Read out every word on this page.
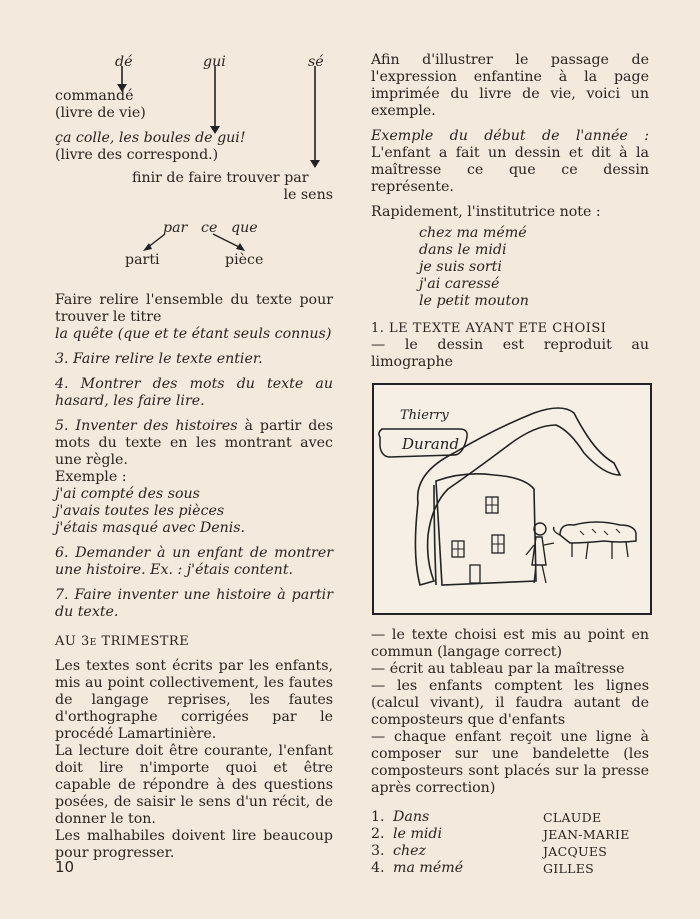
dé	gui	sé
commandé
(livre de vie)
ça colle, les boules de gui!
(livre des correspond.)
finir de faire trouver par
le sens
par ce que
parti	pièce

Faire relire l'ensemble du texte pour trouver le titre

la quête (que et te étant seuls connus)

3. Faire relire le texte entier.

4. Montrer des mots du texte au hasard, les faire lire.

5. Inventer des histoires à partir des mots du texte en les montrant avec une règle.

Exemple :

j'ai compté des sous

j'avais toutes les pièces

j'étais masqué avec Denis.

6. Demander à un enfant de montrer une histoire. Ex. : j'étais content.

7. Faire inventer une histoire à partir du texte.

AU 3e TRIMESTRE

Les textes sont écrits par les enfants, mis au point collectivement, les fautes de langage reprises, les fautes d'orthographe corrigées par le procédé Lamartinière.

La lecture doit être courante, l'enfant doit lire n'importe quoi et être capable de répondre à des questions posées, de saisir le sens d'un récit, de donner le ton.

Les malhabiles doivent lire beaucoup pour progresser.

Afin d'illustrer le passage de l'expression enfantine à la page imprimée du livre de vie, voici un exemple.

Exemple du début de l'année : L'enfant a fait un dessin et dit à la maîtresse ce que ce dessin représente.

Rapidement, l'institutrice note :

chez ma mémé

dans le midi

je suis sorti

j'ai caressé

le petit mouton

1. LE TEXTE AYANT ETE CHOISI

— le dessin est reproduit au limographe

Thierry
Durand

— le texte choisi est mis au point en commun (langage correct)

— écrit au tableau par la maîtresse

— les enfants comptent les lignes (calcul vivant), il faudra autant de composteurs que d'enfants

— chaque enfant reçoit une ligne à composer sur une bandelette (les composteurs sont placés sur la presse après correction)

1. Dans	CLAUDE
2. le midi	JEAN-MARIE
3. chez	JACQUES
4. ma mémé	GILLES
10
